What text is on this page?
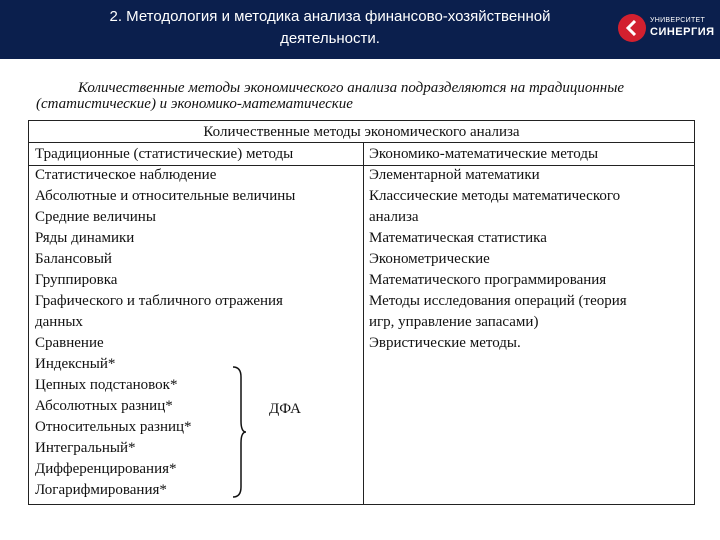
2. Методология и методика анализа финансово-хозяйственной
деятельности.
УНИВЕРСИТЕТ
СИНЕРГИЯ
Количественные методы экономического анализа подразделяются на традиционные (статистические) и экономико-математические
Количественные методы экономического анализа
Традиционные (статистические) методы
Статистическое наблюдение
Абсолютные и относительные величины
Средние величины
Ряды динамики
Балансовый
Группировка
Графического и табличного отражения
данных
Сравнение
Индексный*
Цепных подстановок*
Абсолютных разниц*
Относительных разниц*
Интегральный*
Дифференцирования*
Логарифмирования*
Экономико-математические методы
Элементарной математики
Классические методы математического
анализа
Математическая статистика
Эконометрические
Математического программирования
Методы исследования операций (теория
игр, управление запасами)
Эвристические методы.
ДФА
